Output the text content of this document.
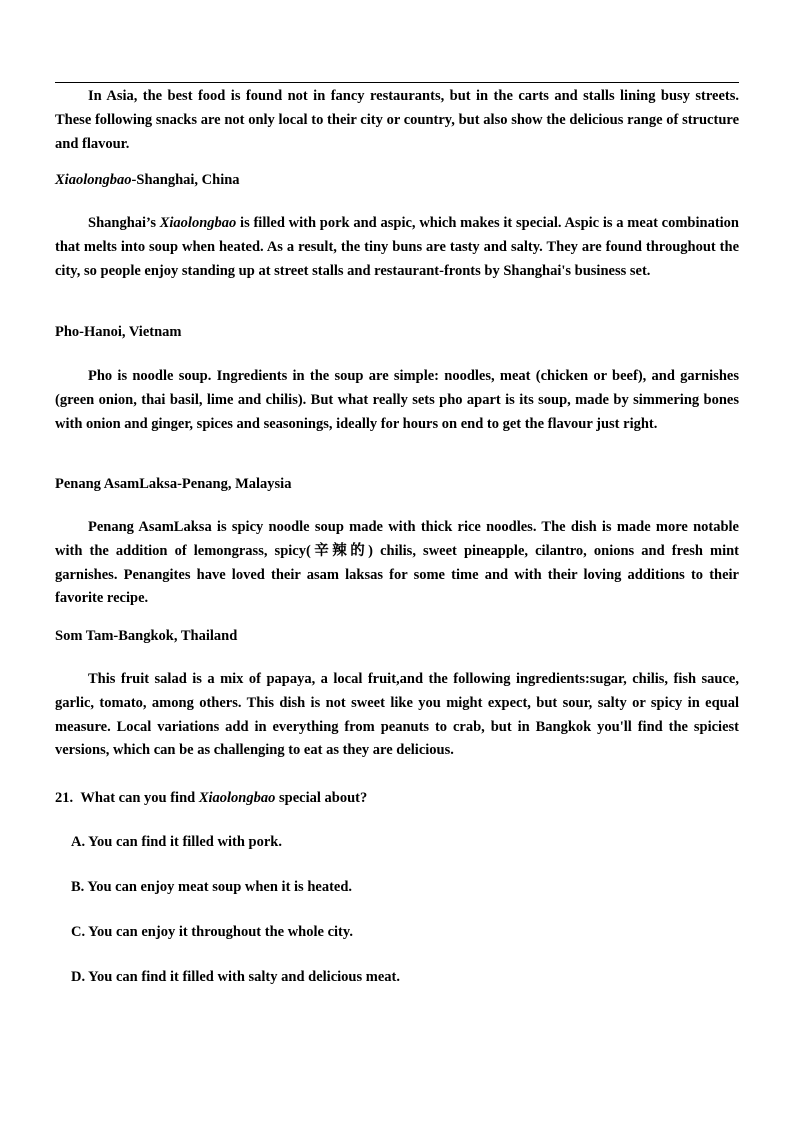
In Asia, the best food is found not in fancy restaurants, but in the carts and stalls lining busy streets. These following snacks are not only local to their city or country, but also show the delicious range of structure and flavour.

Xiaolongbao-Shanghai, China

Shanghai’s Xiaolongbao is filled with pork and aspic, which makes it special. Aspic is a meat combination that melts into soup when heated. As a result, the tiny buns are tasty and salty. They are found throughout the city, so people enjoy standing up at street stalls and restaurant-fronts by Shanghai's business set.

Pho-Hanoi, Vietnam

Pho is noodle soup. Ingredients in the soup are simple: noodles, meat (chicken or beef), and garnishes (green onion, thai basil, lime and chilis). But what really sets pho apart is its soup, made by simmering bones with onion and ginger, spices and seasonings, ideally for hours on end to get the flavour just right.

Penang AsamLaksa-Penang, Malaysia

Penang AsamLaksa is spicy noodle soup made with thick rice noodles. The dish is made more notable with the addition of lemongrass, spicy(辛辣的) chilis, sweet pineapple, cilantro, onions and fresh mint garnishes. Penangites have loved their asam laksas for some time and with their loving additions to their favorite recipe.

Som Tam-Bangkok, Thailand

This fruit salad is a mix of papaya, a local fruit,and the following ingredients:sugar, chilis, fish sauce, garlic, tomato, among others. This dish is not sweet like you might expect, but sour, salty or spicy in equal measure. Local variations add in everything from peanuts to crab, but in Bangkok you'll find the spiciest versions, which can be as challenging to eat as they are delicious.

21. What can you find Xiaolongbao special about?

A. You can find it filled with pork.

B. You can enjoy meat soup when it is heated.

C. You can enjoy it throughout the whole city.

D. You can find it filled with salty and delicious meat.
